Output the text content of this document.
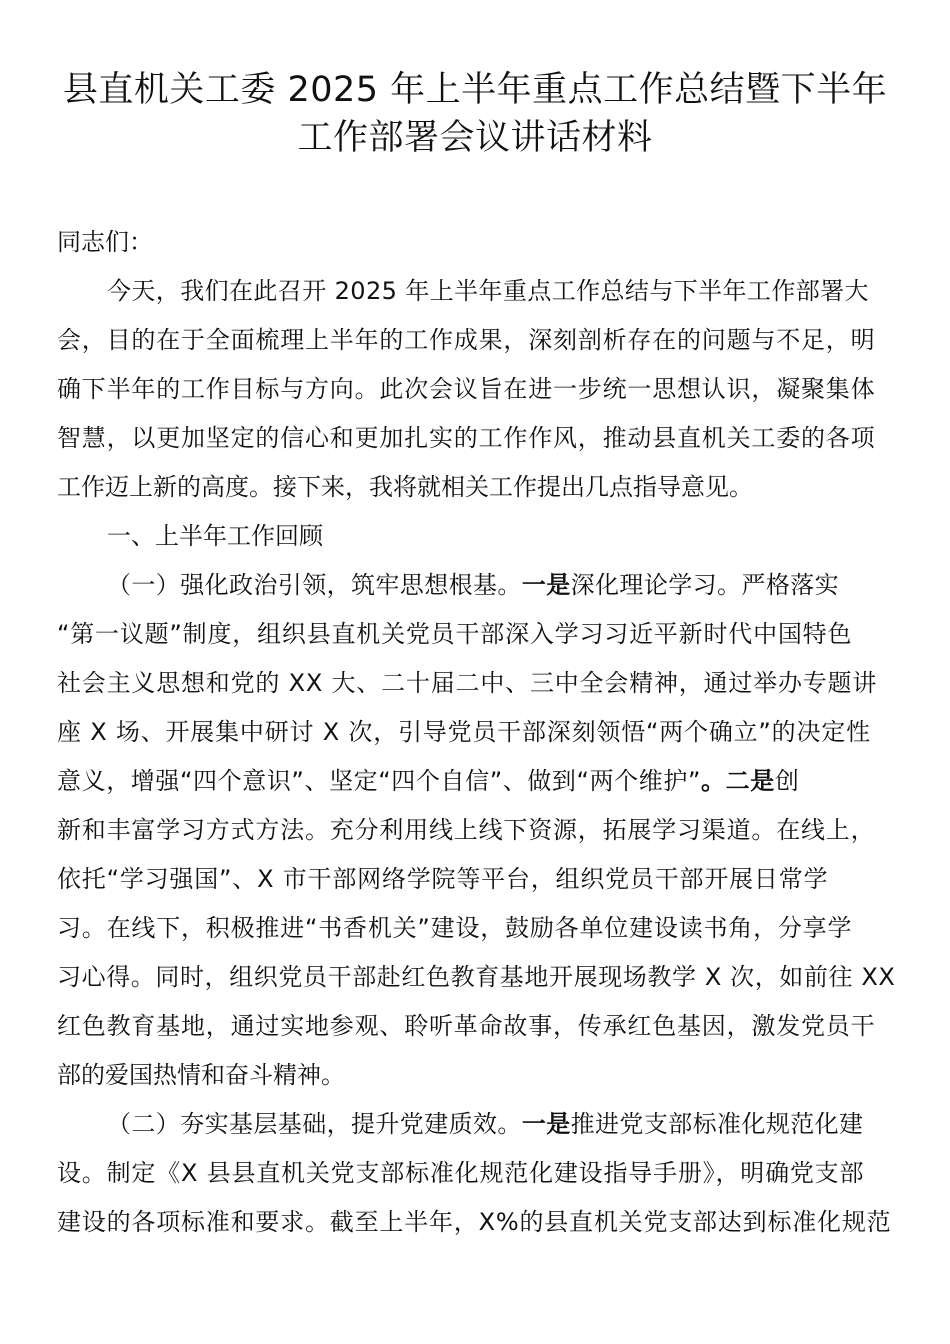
县直机关工委 2025 年上半年重点工作总结暨下半年
工作部署会议讲话材料
同志们：
今天，我们在此召开 2025 年上半年重点工作总结与下半年工作部署大
会，目的在于全面梳理上半年的工作成果，深刻剖析存在的问题与不足，明
确下半年的工作目标与方向。此次会议旨在进一步统一思想认识，凝聚集体
智慧，以更加坚定的信心和更加扎实的工作作风，推动县直机关工委的各项
工作迈上新的高度。接下来，我将就相关工作提出几点指导意见。
一、上半年工作回顾
（一）强化政治引领，筑牢思想根基。一是深化理论学习。严格落实
“第一议题”制度，组织县直机关党员干部深入学习习近平新时代中国特色
社会主义思想和党的 XX 大、二十届二中、三中全会精神，通过举办专题讲
座 X 场、开展集中研讨 X 次，引导党员干部深刻领悟“两个确立”的决定性
意义，增强“四个意识”、坚定“四个自信”、做到“两个维护”。二是创
新和丰富学习方式方法。充分利用线上线下资源，拓展学习渠道。在线上，
依托“学习强国”、X 市干部网络学院等平台，组织党员干部开展日常学
习。在线下，积极推进“书香机关”建设，鼓励各单位建设读书角，分享学
习心得。同时，组织党员干部赴红色教育基地开展现场教学 X 次，如前往 XX
红色教育基地，通过实地参观、聆听革命故事，传承红色基因，激发党员干
部的爱国热情和奋斗精神。
（二）夯实基层基础，提升党建质效。一是推进党支部标准化规范化建
设。制定《X 县县直机关党支部标准化规范化建设指导手册》，明确党支部
建设的各项标准和要求。截至上半年，X%的县直机关党支部达到标准化规范
